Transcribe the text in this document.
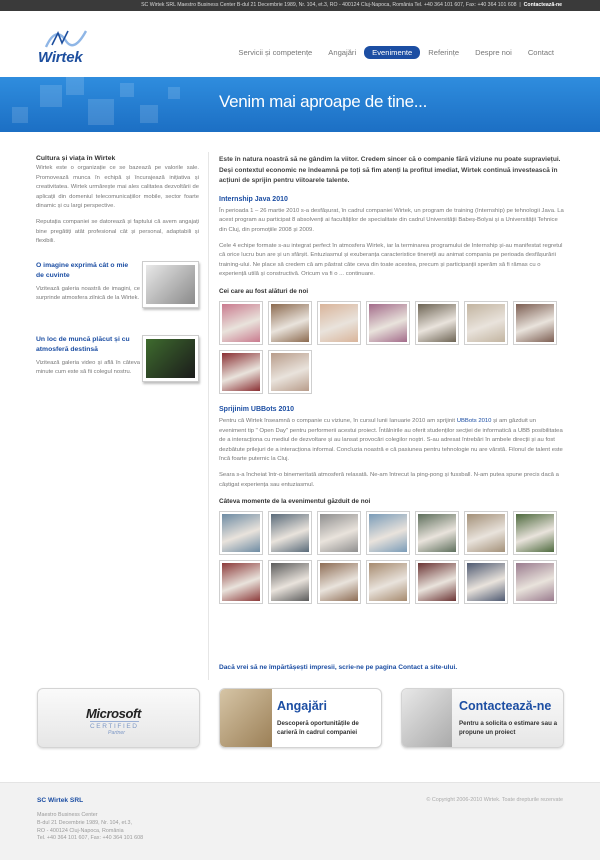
SC Wirtek SRL Maestro Business Center B-dul 21 Decembrie 1989, Nr. 104, et.3, RO - 400124 Cluj-Napoca, România Tel. +40 364 101 607, Fax: +40 364 101 608  |  Contactează-ne
Wirtek	Servicii și competențe	Angajări	Evenimente	Referințe	Despre noi	Contact
Venim mai aproape de tine...
Cultura și viața în Wirtek

Wirtek este o organizație ce se bazează pe valorile sale. Promovează munca în echipă și încurajează inițiativa și creativitatea. Wirtek urmărește mai ales calitatea dezvoltării de aplicații din domeniul telecomunicațiilor mobile, sector foarte dinamic și cu largi perspective.

Reputația companiei se datorează și faptului că avem angajați bine pregătiți atât profesional cât și personal, adaptabili și flexibili.

O imagine exprimă cât o mie de cuvinte

Vizitează galeria noastră de imagini, ce surprinde atmosfera zilnică de la Wirtek.

Un loc de muncă plăcut și cu atmosferă destinsă

Vizitează galeria video și află în câteva minute cum este să fii colegul nostru.

Este în natura noastră să ne gândim la viitor. Credem sincer că o companie fără viziune nu poate supraviețui. Deși contextul economic ne îndeamnă pe toți să fim atenți la profitul imediat, Wirtek continuă investească în acțiuni de sprijin pentru viitoarele talente.

Internship Java 2010

În perioada 1 – 26 martie 2010 s-a desfășurat, în cadrul companiei Wirtek, un program de training (Internship) pe tehnologii Java. La acest program au participat 8 absolvenți ai facultăților de specialitate din cadrul Universității Babeș-Bolyai și a Universității Tehnice din Cluj, din promoțiile 2008 și 2009.

Cele 4 echipe formate s-au integrat perfect în atmosfera Wirtek, iar la terminarea programului de Internship și-au manifestat regretul că orice lucru bun are și un sfârșit. Entuziasmul și exuberanța caracteristice tinereții au animat compania pe perioada desfășurării training-ului. Ne place să credem că am păstrat câte ceva din toate acestea, precum și participanții sperăm să fi rămas cu o experiență utilă și constructivă. Oricum va fi o ... continuare.

Cei care au fost alături de noi
Sprijinim UBBots 2010

Pentru că Wirtek înseamnă o companie cu viziune, în cursul lunii Ianuarie 2010 am sprijinit UBBots 2010 și am găzduit un eveniment tip " Open Day" pentru performerii acestui proiect. Întâlnirile au oferit studenților secției de informatică a UBB posibilitatea de a interacționa cu mediul de dezvoltare și au lansat provocări colegilor noștri. S-au adresat întrebări în ambele direcții și au fost dezbătute prilejuri de a interacționa informal. Concluzia noastră e că pasiunea pentru tehnologie nu are vârstă. Filonul de talent este încă foarte puternic la Cluj.

Seara s-a încheiat într-o binemeritată atmosferă relaxată. Ne-am întrecut la ping-pong și fussball. N-am putea spune precis dacă a câștigat experiența sau entuziasmul.

Câteva momente de la evenimentul găzduit de noi
Dacă vrei să ne împărtășești impresii, scrie-ne pe pagina Contact a site-ului.
Microsoft
CERTIFIED
Partner
Angajări
Descoperă oportunitățile de carieră în cadrul companiei
Contactează-ne
Pentru a solicita o estimare sau a propune un proiect
SC Wirtek SRL
Maestro Business Center
B-dul 21 Decembrie 1989, Nr. 104, et.3,
RO - 400124 Cluj-Napoca, România
Tel. +40 364 101 607, Fax: +40 364 101 608
© Copyright 2006-2010 Wirtek. Toate drepturile rezervate
